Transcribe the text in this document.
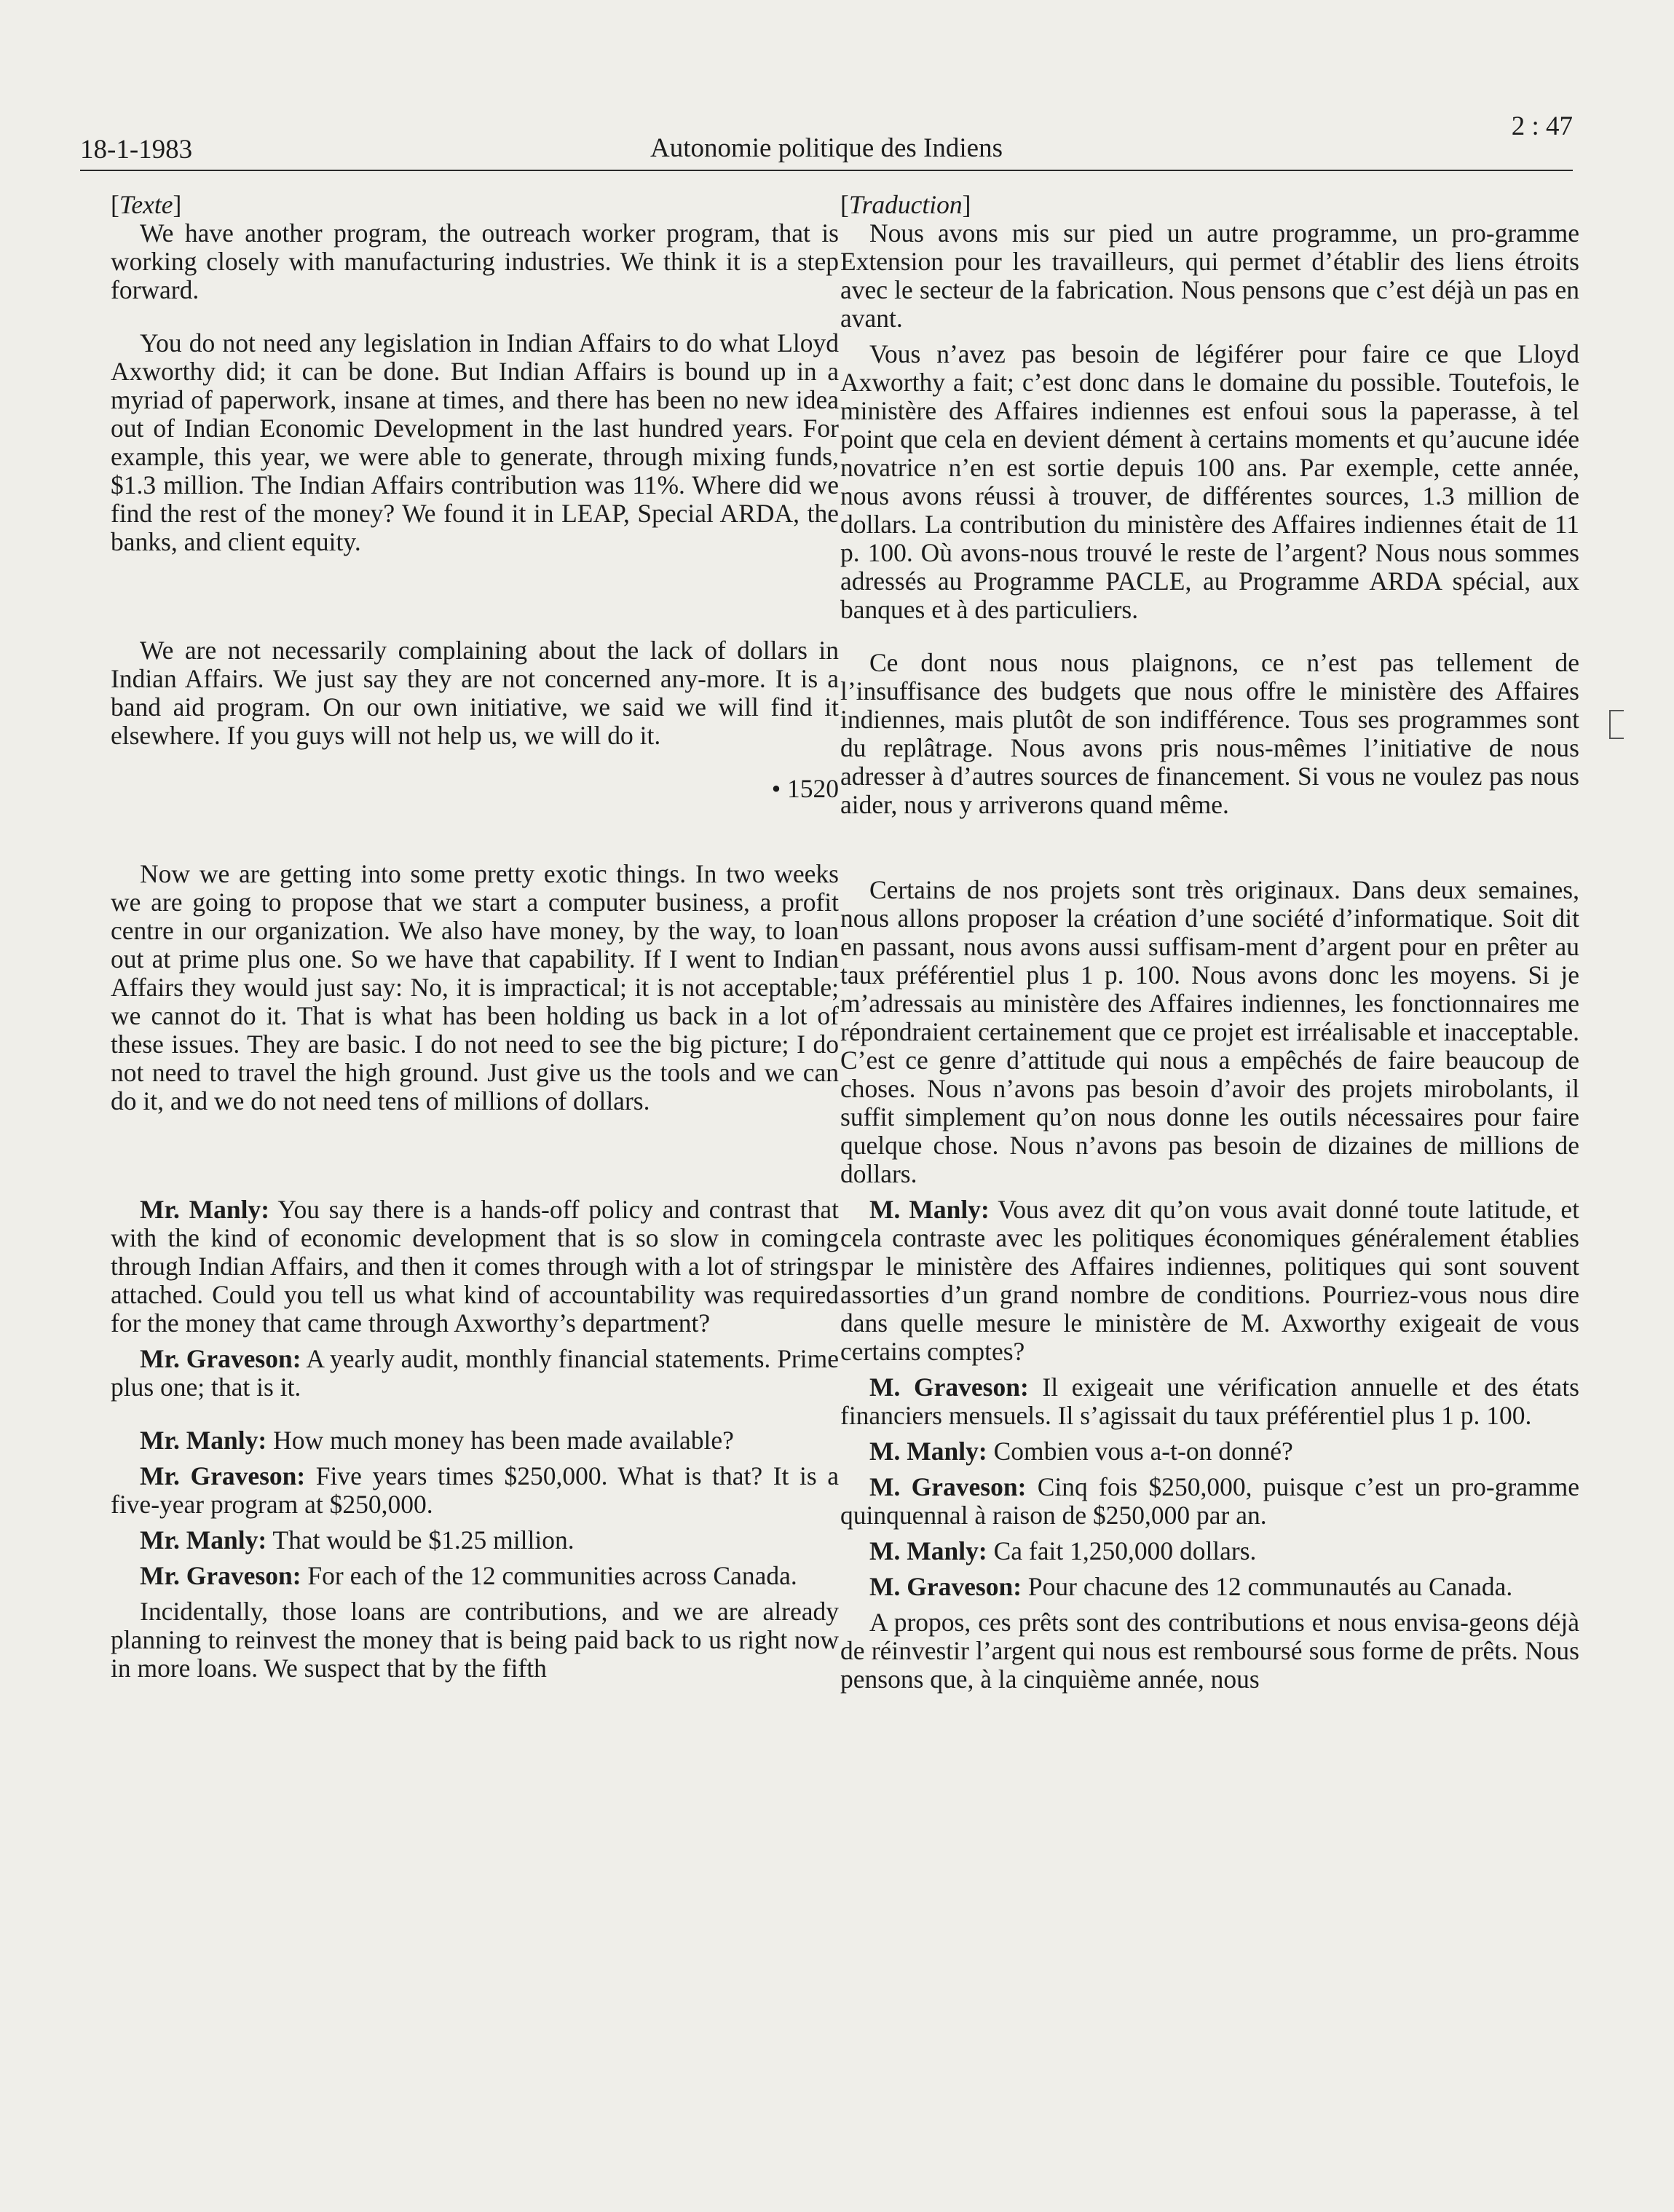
18-1-1983	Autonomie politique des Indiens
2 : 47

[Texte]

We have another program, the outreach worker program, that is working closely with manufacturing industries. We think it is a step forward.

You do not need any legislation in Indian Affairs to do what Lloyd Axworthy did; it can be done. But Indian Affairs is bound up in a myriad of paperwork, insane at times, and there has been no new idea out of Indian Economic Development in the last hundred years. For example, this year, we were able to generate, through mixing funds, $1.3 million. The Indian Affairs contribution was 11%. Where did we find the rest of the money? We found it in LEAP, Special ARDA, the banks, and client equity.

We are not necessarily complaining about the lack of dollars in Indian Affairs. We just say they are not concerned any-more. It is a band aid program. On our own initiative, we said we will find it elsewhere. If you guys will not help us, we will do it.

• 1520

Now we are getting into some pretty exotic things. In two weeks we are going to propose that we start a computer business, a profit centre in our organization. We also have money, by the way, to loan out at prime plus one. So we have that capability. If I went to Indian Affairs they would just say: No, it is impractical; it is not acceptable; we cannot do it. That is what has been holding us back in a lot of these issues. They are basic. I do not need to see the big picture; I do not need to travel the high ground. Just give us the tools and we can do it, and we do not need tens of millions of dollars.

Mr. Manly: You say there is a hands-off policy and contrast that with the kind of economic development that is so slow in coming through Indian Affairs, and then it comes through with a lot of strings attached. Could you tell us what kind of accountability was required for the money that came through Axworthy’s department?

Mr. Graveson: A yearly audit, monthly financial statements. Prime plus one; that is it.

Mr. Manly: How much money has been made available?

Mr. Graveson: Five years times $250,000. What is that? It is a five-year program at $250,000.

Mr. Manly: That would be $1.25 million.

Mr. Graveson: For each of the 12 communities across Canada.

Incidentally, those loans are contributions, and we are already planning to reinvest the money that is being paid back to us right now in more loans. We suspect that by the fifth

[Traduction]

Nous avons mis sur pied un autre programme, un pro-gramme Extension pour les travailleurs, qui permet d’établir des liens étroits avec le secteur de la fabrication. Nous pensons que c’est déjà un pas en avant.

Vous n’avez pas besoin de légiférer pour faire ce que Lloyd Axworthy a fait; c’est donc dans le domaine du possible. Toutefois, le ministère des Affaires indiennes est enfoui sous la paperasse, à tel point que cela en devient dément à certains moments et qu’aucune idée novatrice n’en est sortie depuis 100 ans. Par exemple, cette année, nous avons réussi à trouver, de différentes sources, 1.3 million de dollars. La contribution du ministère des Affaires indiennes était de 11 p. 100. Où avons-nous trouvé le reste de l’argent? Nous nous sommes adressés au Programme PACLE, au Programme ARDA spécial, aux banques et à des particuliers.

Ce dont nous nous plaignons, ce n’est pas tellement de l’insuffisance des budgets que nous offre le ministère des Affaires indiennes, mais plutôt de son indifférence. Tous ses programmes sont du replâtrage. Nous avons pris nous-mêmes l’initiative de nous adresser à d’autres sources de financement. Si vous ne voulez pas nous aider, nous y arriverons quand même.

Certains de nos projets sont très originaux. Dans deux semaines, nous allons proposer la création d’une société d’informatique. Soit dit en passant, nous avons aussi suffisam-ment d’argent pour en prêter au taux préférentiel plus 1 p. 100. Nous avons donc les moyens. Si je m’adressais au ministère des Affaires indiennes, les fonctionnaires me répondraient certainement que ce projet est irréalisable et inacceptable. C’est ce genre d’attitude qui nous a empêchés de faire beaucoup de choses. Nous n’avons pas besoin d’avoir des projets mirobolants, il suffit simplement qu’on nous donne les outils nécessaires pour faire quelque chose. Nous n’avons pas besoin de dizaines de millions de dollars.

M. Manly: Vous avez dit qu’on vous avait donné toute latitude, et cela contraste avec les politiques économiques généralement établies par le ministère des Affaires indiennes, politiques qui sont souvent assorties d’un grand nombre de conditions. Pourriez-vous nous dire dans quelle mesure le ministère de M. Axworthy exigeait de vous certains comptes?

M. Graveson: Il exigeait une vérification annuelle et des états financiers mensuels. Il s’agissait du taux préférentiel plus 1 p. 100.

M. Manly: Combien vous a-t-on donné?

M. Graveson: Cinq fois $250,000, puisque c’est un pro-gramme quinquennal à raison de $250,000 par an.

M. Manly: Ca fait 1,250,000 dollars.

M. Graveson: Pour chacune des 12 communautés au Canada.

A propos, ces prêts sont des contributions et nous envisa-geons déjà de réinvestir l’argent qui nous est remboursé sous forme de prêts. Nous pensons que, à la cinquième année, nous
